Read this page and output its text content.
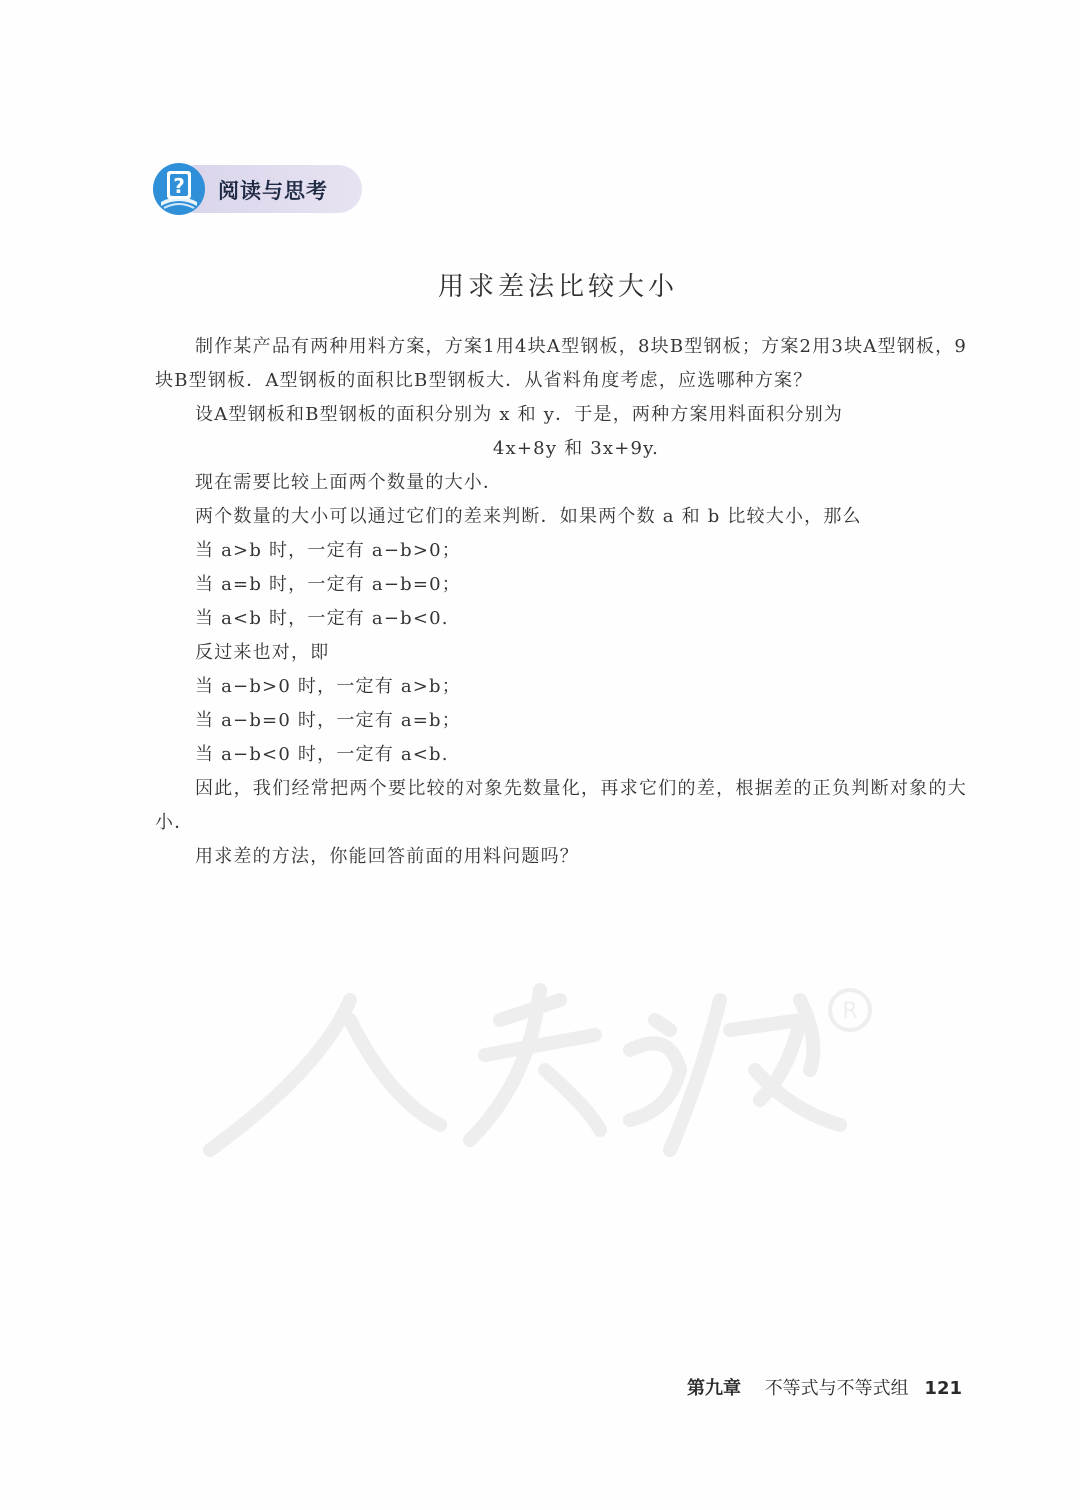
? 阅读与思考
用求差法比较大小

制作某产品有两种用料方案，方案1用4块A型钢板，8块B型钢板；方案2用3块A型钢板，9块B型钢板．A型钢板的面积比B型钢板大．从省料角度考虑，应选哪种方案？

设A型钢板和B型钢板的面积分别为 x 和 y．于是，两种方案用料面积分别为

4x+8y 和 3x+9y.

现在需要比较上面两个数量的大小．

两个数量的大小可以通过它们的差来判断．如果两个数 a 和 b 比较大小，那么

当 a>b 时，一定有 a−b>0；

当 a=b 时，一定有 a−b=0；

当 a<b 时，一定有 a−b<0.

反过来也对，即

当 a−b>0 时，一定有 a>b；

当 a−b=0 时，一定有 a=b；

当 a−b<0 时，一定有 a<b.

因此，我们经常把两个要比较的对象先数量化，再求它们的差，根据差的正负判断对象的大小．

用求差的方法，你能回答前面的用料问题吗？

R
第九章 不等式与不等式组 121
